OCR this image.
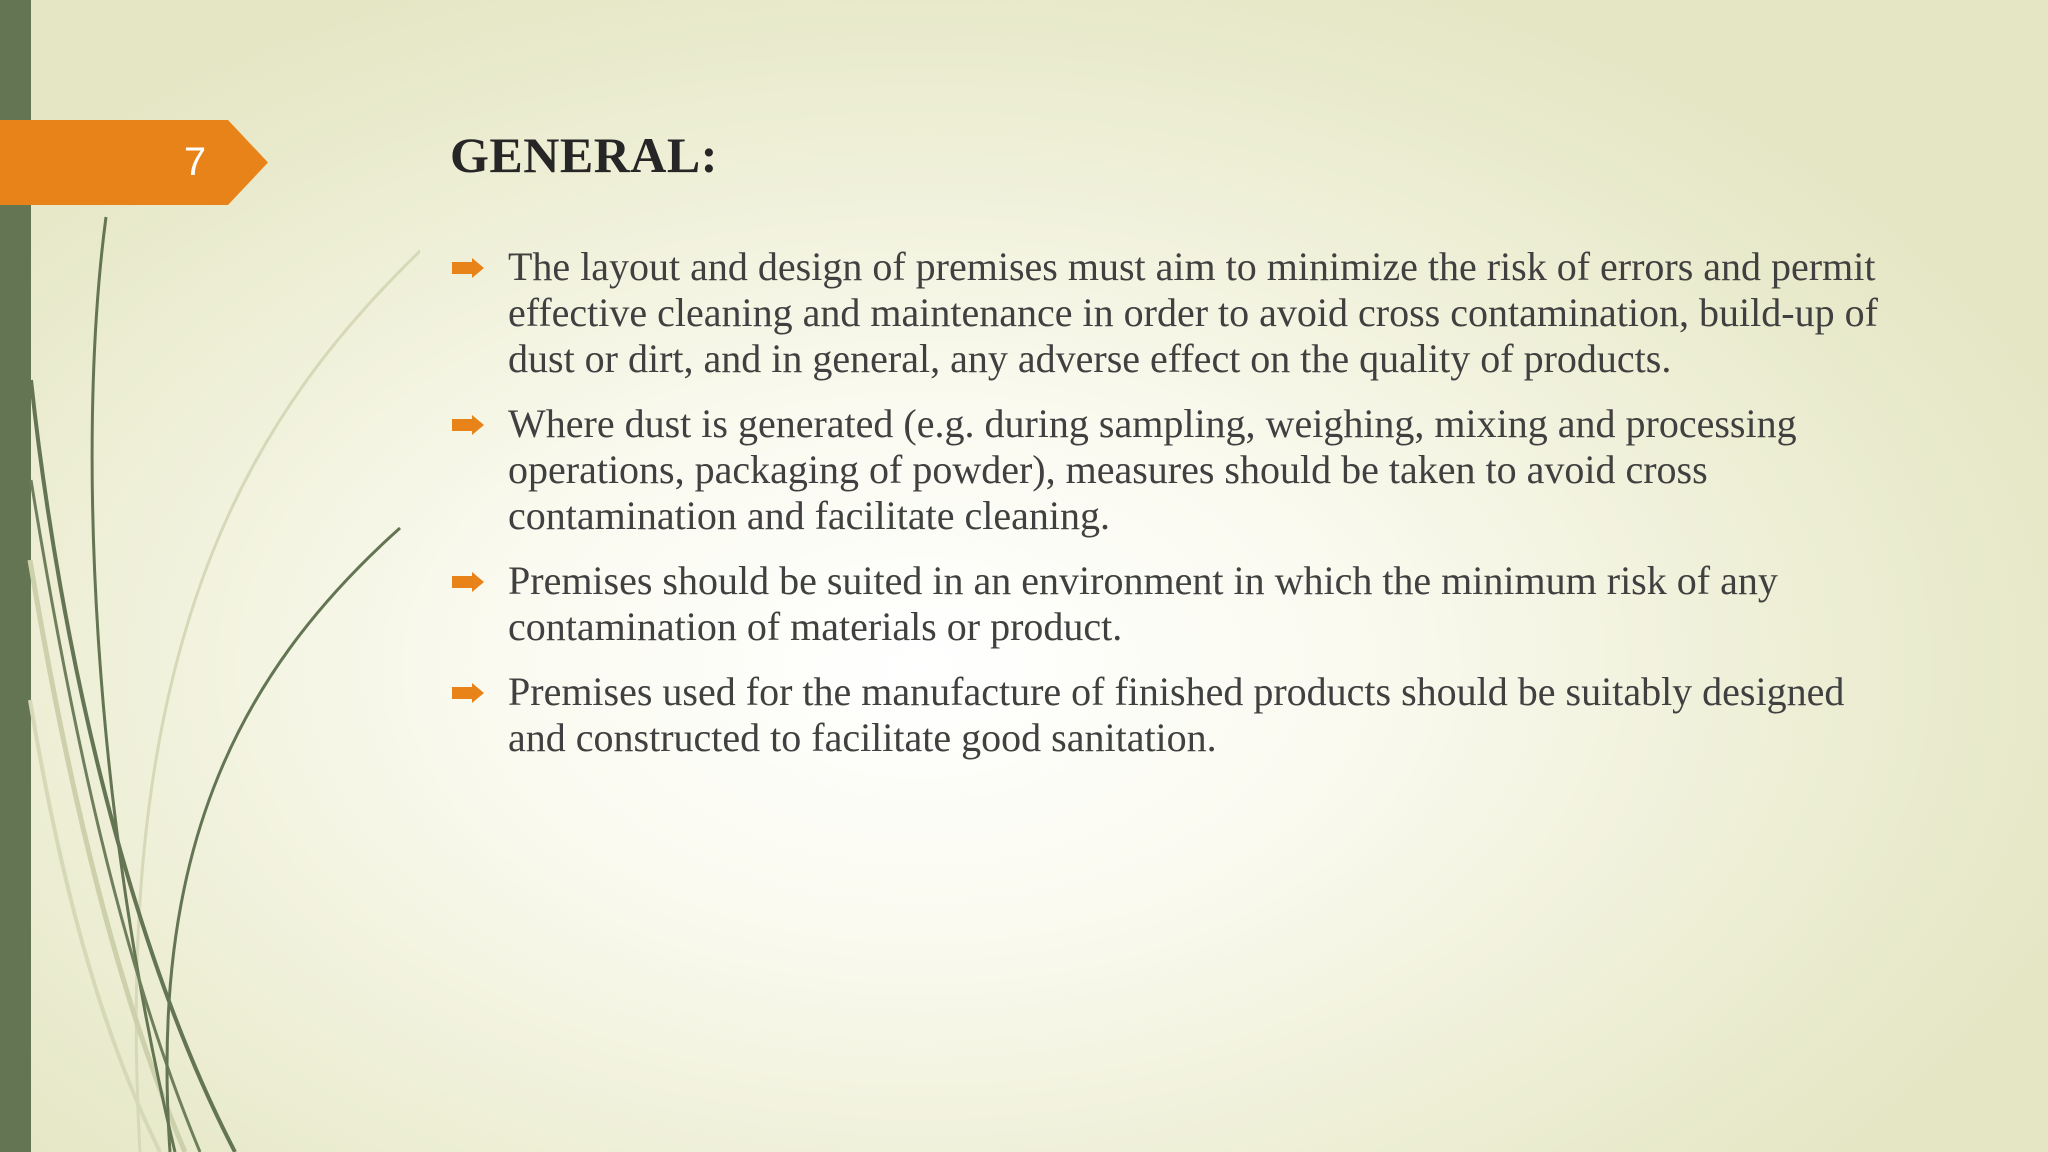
7	GENERAL:
The layout and design of premises must aim to minimize the risk of errors and permit effective cleaning and maintenance in order to avoid cross contamination, build-up of dust or dirt, and in general, any adverse effect on the quality of products.
Where dust is generated (e.g. during sampling, weighing, mixing and processing operations, packaging of powder), measures should be taken to avoid cross contamination and facilitate cleaning.
Premises should be suited in an environment in which the minimum risk of any contamination of materials or product.
Premises used for the manufacture of finished products should be suitably designed and constructed to facilitate good sanitation.
